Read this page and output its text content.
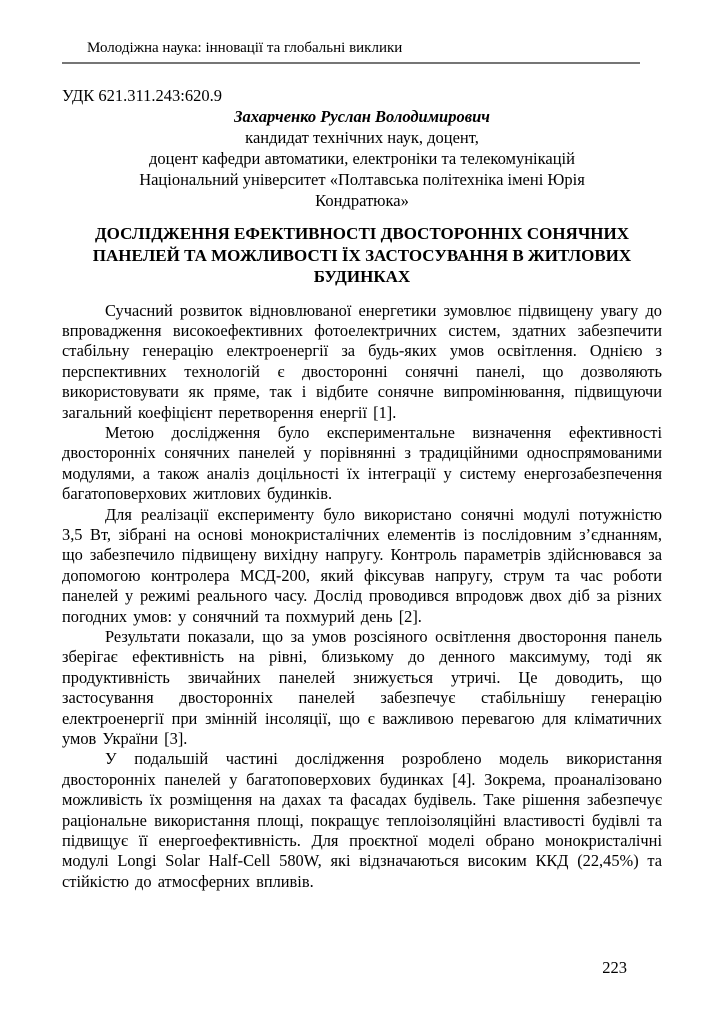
Молодіжна наука: інновації та глобальні виклики
УДК 621.311.243:620.9
Захарченко Руслан Володимирович
кандидат технічних наук, доцент,
доцент кафедри автоматики, електроніки та телекомунікацій
Національний університет «Полтавська політехніка імені Юрія
Кондратюка»
ДОСЛІДЖЕННЯ ЕФЕКТИВНОСТІ ДВОСТОРОННІХ СОНЯЧНИХ
ПАНЕЛЕЙ ТА МОЖЛИВОСТІ ЇХ ЗАСТОСУВАННЯ В ЖИТЛОВИХ
БУДИНКАХ

Сучасний розвиток відновлюваної енергетики зумовлює підвищену увагу до впровадження високоефективних фотоелектричних систем, здатних забезпечити стабільну генерацію електроенергії за будь-яких умов освітлення. Однією з перспективних технологій є двосторонні сонячні панелі, що дозволяють використовувати як пряме, так і відбите сонячне випромінювання, підвищуючи загальний коефіцієнт перетворення енергії [1].

Метою дослідження було експериментальне визначення ефективності двосторонніх сонячних панелей у порівнянні з традиційними односпрямованими модулями, а також аналіз доцільності їх інтеграції у систему енергозабезпечення багатоповерхових житлових будинків.

Для реалізації експерименту було використано сонячні модулі потужністю 3,5 Вт, зібрані на основі монокристалічних елементів із послідовним з’єднанням, що забезпечило підвищену вихідну напругу. Контроль параметрів здійснювався за допомогою контролера МСД-200, який фіксував напругу, струм та час роботи панелей у режимі реального часу. Дослід проводився впродовж двох діб за різних погодних умов: у сонячний та похмурий день [2].

Результати показали, що за умов розсіяного освітлення двостороння панель зберігає ефективність на рівні, близькому до денного максимуму, тоді як продуктивність звичайних панелей знижується утричі. Це доводить, що застосування двосторонніх панелей забезпечує стабільнішу генерацію електроенергії при змінній інсоляції, що є важливою перевагою для кліматичних умов України [3].

У подальшій частині дослідження розроблено модель використання двосторонніх панелей у багатоповерхових будинках [4]. Зокрема, проаналізовано можливість їх розміщення на дахах та фасадах будівель. Таке рішення забезпечує раціональне використання площі, покращує теплоізоляційні властивості будівлі та підвищує її енергоефективність. Для проєктної моделі обрано монокристалічні модулі Longi Solar Half-Cell 580W, які відзначаються високим ККД (22,45%) та стійкістю до атмосферних впливів.

223
